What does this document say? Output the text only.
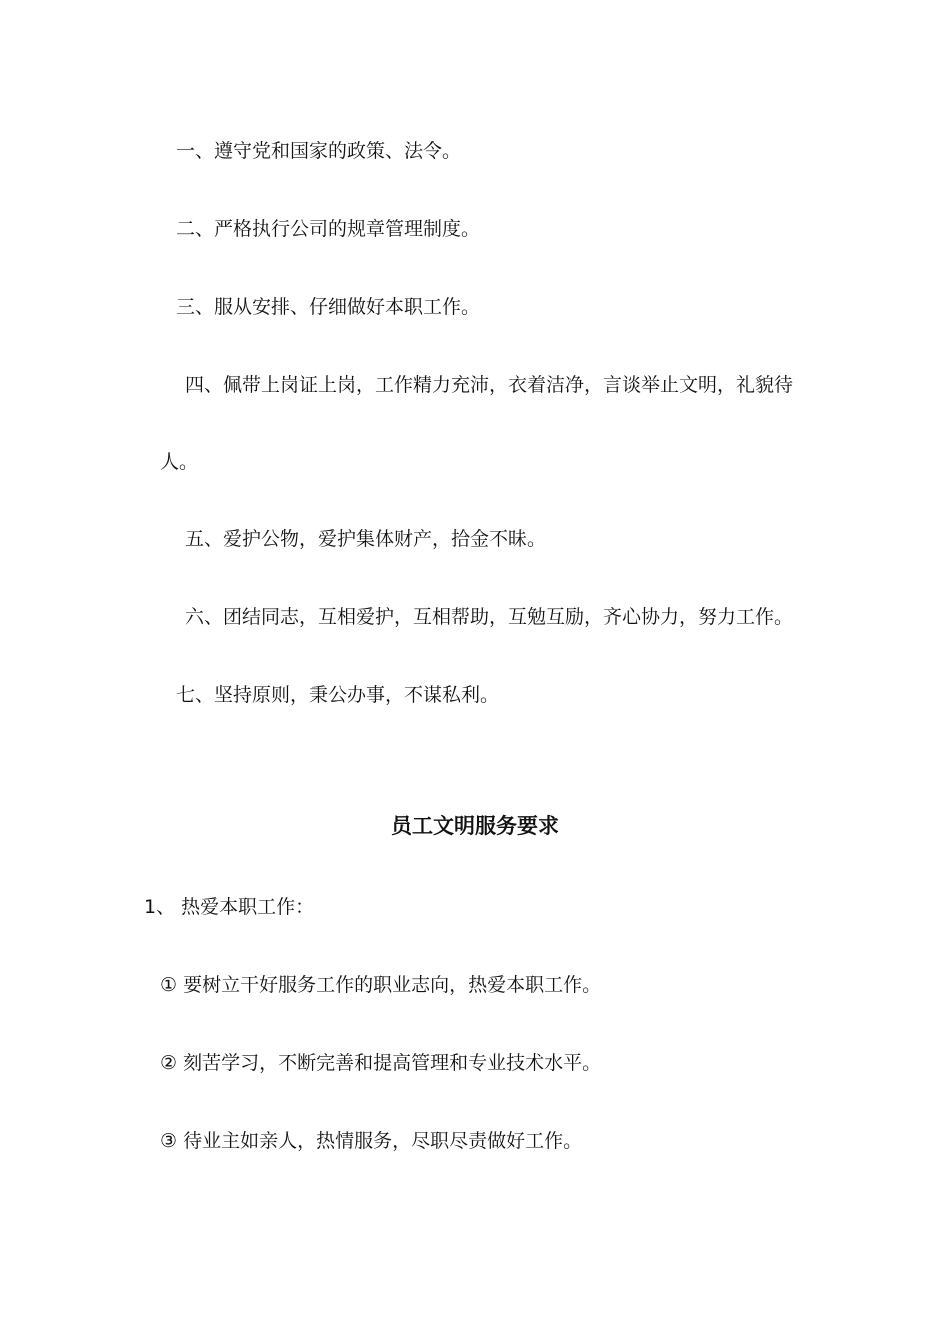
一、遵守党和国家的政策、法令。
二、严格执行公司的规章管理制度。
三、服从安排、仔细做好本职工作。
四、佩带上岗证上岗，工作精力充沛，衣着洁净，言谈举止文明，礼貌待
人。
五、爱护公物，爱护集体财产，拾金不昧。
六、团结同志，互相爱护，互相帮助，互勉互励，齐心协力，努力工作。
七、坚持原则，秉公办事，不谋私利。
员工文明服务要求
1、 热爱本职工作：
① 要树立干好服务工作的职业志向，热爱本职工作。
② 刻苦学习，不断完善和提高管理和专业技术水平。
③ 待业主如亲人，热情服务，尽职尽责做好工作。
